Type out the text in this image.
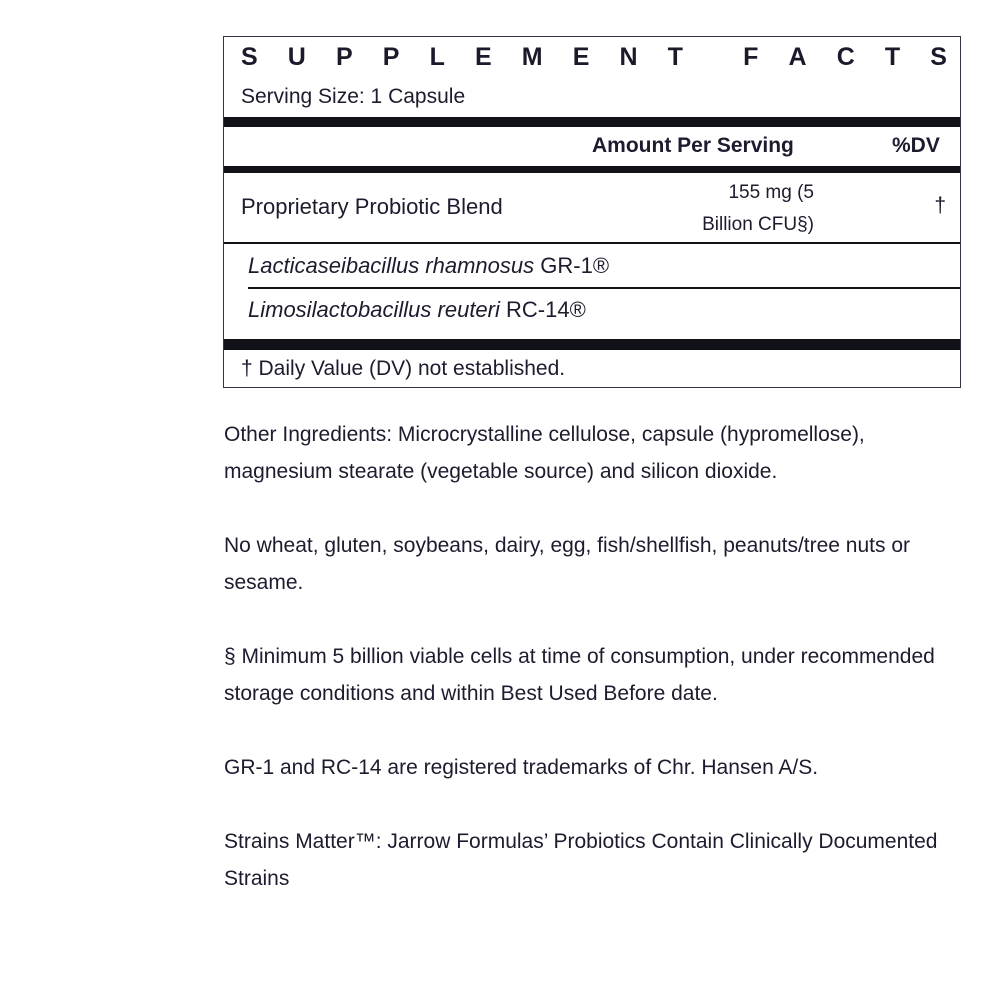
S U P P L E M E N T F A C T S
Serving Size: 1 Capsule
Amount Per Serving	%DV
Proprietary Probiotic Blend
155 mg (5
Billion CFU§)
†
Lacticaseibacillus rhamnosus GR-1®
Limosilactobacillus reuteri RC-14®
† Daily Value (DV) not established.

Other Ingredients: Microcrystalline cellulose, capsule (hypromellose), magnesium stearate (vegetable source) and silicon dioxide.

No wheat, gluten, soybeans, dairy, egg, fish/shellfish, peanuts/tree nuts or sesame.

§ Minimum 5 billion viable cells at time of consumption, under recommended storage conditions and within Best Used Before date.

GR-1 and RC-14 are registered trademarks of Chr. Hansen A/S.

Strains Matter™: Jarrow Formulas’ Probiotics Contain Clinically Documented Strains
